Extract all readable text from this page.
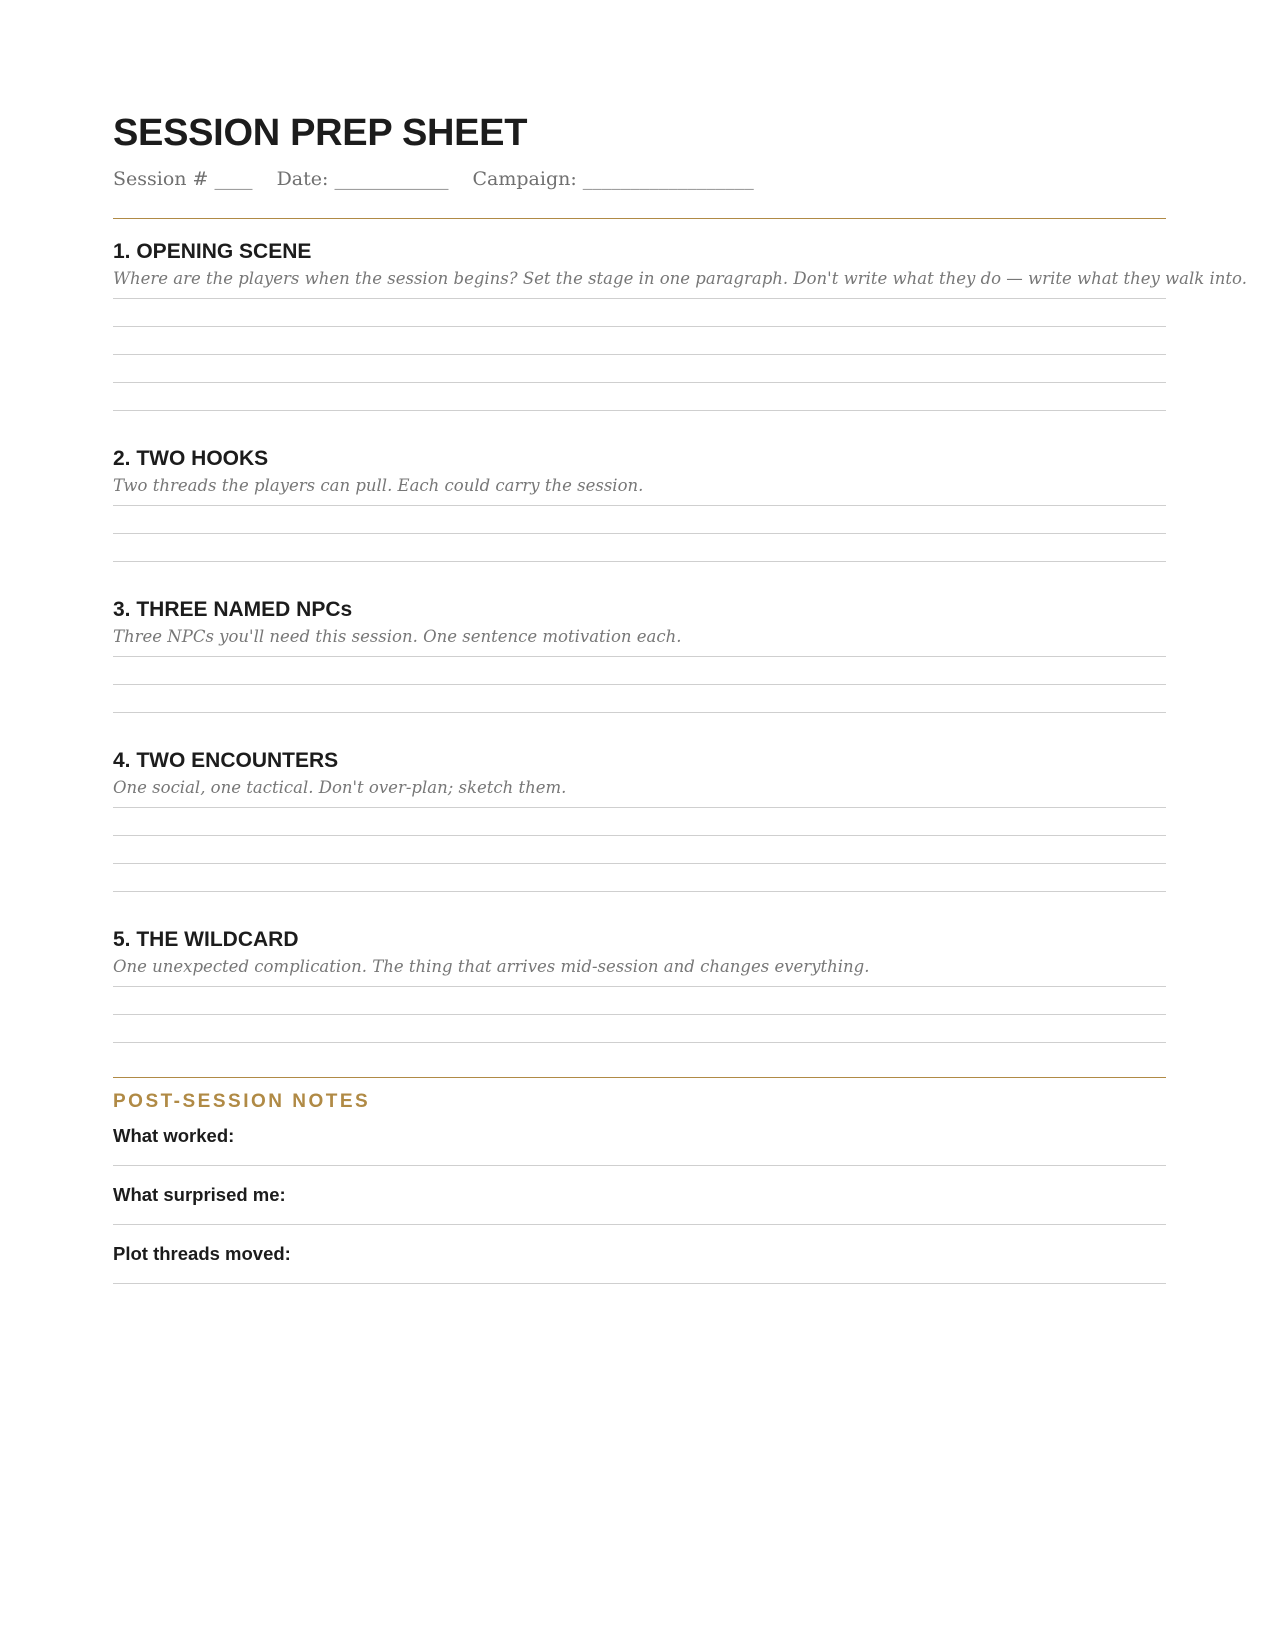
SESSION PREP SHEET
Session # ____ Date: ____________ Campaign: __________________
1. OPENING SCENE
Where are the players when the session begins? Set the stage in one paragraph. Don't write what they do — write what they walk into.
2. TWO HOOKS
Two threads the players can pull. Each could carry the session.
3. THREE NAMED NPCs
Three NPCs you'll need this session. One sentence motivation each.
4. TWO ENCOUNTERS
One social, one tactical. Don't over-plan; sketch them.
5. THE WILDCARD
One unexpected complication. The thing that arrives mid-session and changes everything.
POST-SESSION NOTES
What worked:
What surprised me:
Plot threads moved:
